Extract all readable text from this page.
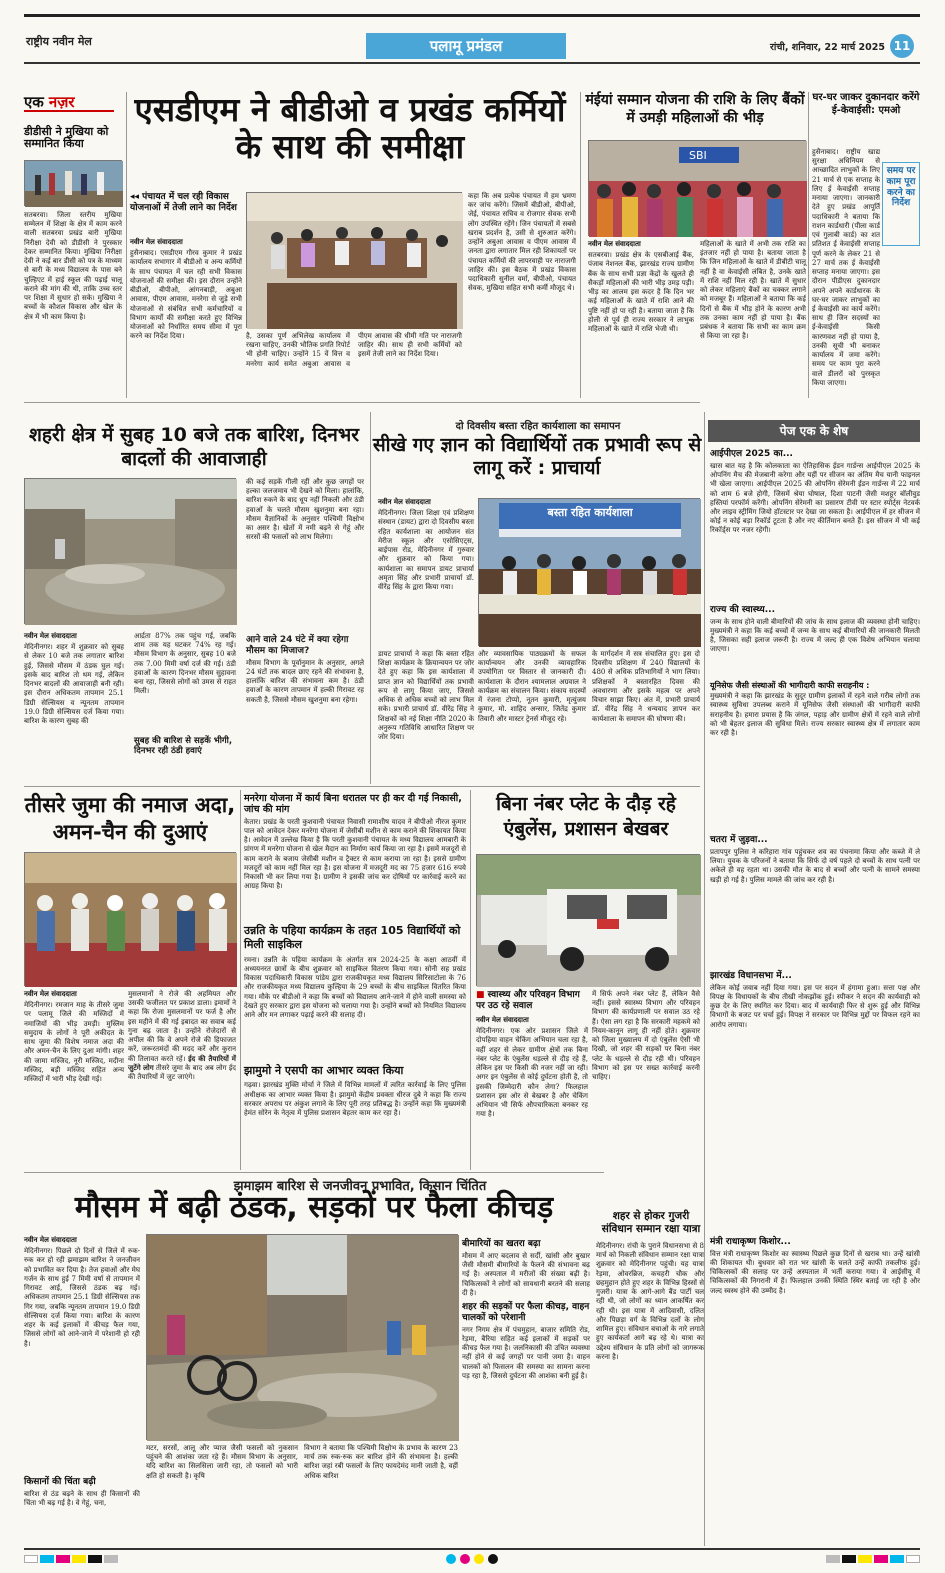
राष्ट्रीय नवीन मेल	पलामू प्रमंडल	रांची, शनिवार, 22 मार्च 2025 11
एक नज़र
डीडीसी ने मुखिया को सम्मानित किया
सतबरवा। जिला स्तरीय मुखिया सम्मेलन में शिक्षा के क्षेत्र में काम करने वाली सतबरवा प्रखंड बारी मुखिया निरीक्षा देवी को डीडीसी ने पुरस्कार देकर सम्मानित किया। मुखिया निरीक्षा देवी ने कई बार डीसी को पत्र के माध्यम से बारी के मध्य विद्यालय के पास बने चुल्हिएट में हाई स्कूल की पढ़ाई चालू कराने की मांग की थी, ताकि उच्च स्तर पर शिक्षा में सुधार हो सके। मुखिया ने बच्चों के कौशल विकास और खेल के क्षेत्र में भी काम किया है।
एसडीएम ने बीडीओ व प्रखंड कर्मियों के साथ की समीक्षा
◂◂ पंचायत में चल रही विकास योजनाओं में तेजी लाने का निर्देश
नवीन मेल संवाददाता
हुसैनाबाद। एसडीएम गौरव कुमार ने प्रखंड कार्यालय सभागार में बीडीओ व अन्य कर्मियों के साथ पंचायत में चल रही सभी विकास योजनाओं की समीक्षा की। इस दौरान उन्होंने बीडीओ, बीपीओ, आंगनबाड़ी, अबुआ आवास, पीएम आवास, मनरेगा से जुड़े सभी योजनाओं से संबंधित सभी कर्मचारियों व विभाग कार्यों की समीक्षा करते हुए विभिन्न योजनाओं को निर्धारित समय सीमा में पूरा करने का निर्देश दिया।	है, उसका पूर्ण अभिलेख कार्यालय में रखना चाहिए, उनकी भौतिक प्रगति रिपोर्ट भी होनी चाहिए। उन्होंने 15 वें वित्त व मनरेगा कार्य समेत अबुआ आवास व पीएम आवास की धीमी गति पर नाराजगी जाहिर की। साथ ही सभी कर्मियों को इसमें तेजी लाने का निर्देश दिया।
कहा कि अब प्रत्येक पंचायत में हम भ्रमण कर जांच करेंगे। जिसमें बीडीओ, बीपीओ, जेई, पंचायत सचिव व रोजगार सेवक सभी लोग उपस्थित रहेंगे। जिन पंचायतों में सबसे खराब प्रदर्शन है, उसी से शुरुआत करेंगे। उन्होंने अबुआ आवास व पीएम आवास में जनता द्वारा लगातार मिल रही शिकायतों पर पंचायत कर्मियों की लापरवाही पर नाराजगी जाहिर की। इस बैठक में प्रखंड विकास पदाधिकारी सुनील वर्मा, बीपीओ, पंचायत सेवक, मुखिया सहित सभी कर्मी मौजूद थे।
मंईयां सम्मान योजना की राशि के लिए बैंकों में उमड़ी महिलाओं की भीड़
SBI
नवीन मेल संवाददाता
सतबरवा। प्रखंड क्षेत्र के एसबीआई बैंक, पंजाब नेशनल बैंक, झारखंड राज्य ग्रामीण बैंक के साथ सभी प्रज्ञा केंद्रों के खुलते ही सैकड़ों महिलाओं की भारी भीड़ उमड़ पड़ी। भीड़ का आलम इस कदर है कि दिन भर कई महिलाओं के खाते में राशि आने की पुष्टि नहीं हो पा रही है। बताया जाता है कि होली से पूर्व ही राज्य सरकार ने लाभुक महिलाओं के खाते में राशि भेजी थी।
महिलाओं के खाते में अभी तक राशि का इंतजार नहीं हो पाया है। बताया जाता है कि जिन महिलाओं के खाते में डीबीटी चालू नहीं है वा केवाईसी लंबित है, उनके खाते में राशि नहीं मिल रही है। खाते में सुधार को लेकर महिलाएं बैंकों का चक्कर लगाने को मजबूर हैं। महिलाओं ने बताया कि कई दिनों से बैंक में भीड़ होने के कारण अभी तक उनका काम नहीं हो पाया है। बैंक प्रबंधक ने बताया कि सभी का काम क्रम से किया जा रहा है।
घर-घर जाकर दुकानदार करेंगे ई-केवाईसी: एमओ
समय पर काम पूरा करने का निर्देश
हुसैनाबाद। राष्ट्रीय खाद्य सुरक्षा अधिनियम से आच्छादित लाभुकों के लिए 21 मार्च से एक सप्ताह के लिए ई केवाईसी सप्ताह मनाया जाएगा। जानकारी देते हुए प्रखंड आपूर्ति पदाधिकारी ने बताया कि राशन कार्डधारी (पीला कार्ड एवं गुलाबी कार्ड) का शत प्रतिशत ई केवाईसी सप्ताह पूर्ण करने के लेकर 21 से 27 मार्च तक ई केवाईसी सप्ताह मनाया जाएगा। इस दौरान पीडीएस दुकानदार अपने अपने कार्डधारक के घर-घर जाकर लाभुकों का ई केवाईसी का कार्य करेंगे। साथ ही जिन सदस्यों का ई-केवाईसी किसी कारणवश नहीं हो पाया है, उनकी सूची भी बनाकर कार्यालय में जमा करेंगे। समय पर काम पूरा करने वाले डीलरों को पुरस्कृत किया जाएगा।
शहरी क्षेत्र में सुबह 10 बजे तक बारिश, दिनभर बादलों की आवाजाही
की कई सड़कें गीली रहीं और कुछ जगहों पर हल्का जलजमाव भी देखने को मिला। हालांकि, बारिश रुकने के बाद धूप नहीं निकली और ठंडी हवाओं के चलते मौसम खुशनुमा बना रहा। मौसम वैज्ञानिकों के अनुसार पश्चिमी विक्षोभ का असर है। खेतों में नमी बढ़ने से गेहूं और सरसों की फसलों को लाभ मिलेगा।
नवीन मेल संवाददाता
मेदिनीनगर। शहर में शुक्रवार को सुबह से लेकर 10 बजे तक लगातार बारिश हुई, जिससे मौसम में ठंडक घुल गई। इसके बाद बारिश तो थम गई, लेकिन दिनभर बादलों की आवाजाही बनी रही। इस दौरान अधिकतम तापमान 25.1 डिग्री सेल्सियस व न्यूनतम तापमान 19.0 डिग्री सेल्सियस दर्ज किया गया। बारिश के कारण सुबह की
आर्द्रता 87% तक पहुंच गई, जबकि शाम तक यह घटकर 74% रह गई। मौसम विभाग के अनुसार, सुबह 10 बजे तक 7.00 मिमी वर्षा दर्ज की गई। ठंडी हवाओं के कारण दिनभर मौसम सुहावना बना रहा, जिससे लोगों को उमस से राहत मिली।
आने वाले 24 घंटे में क्या रहेगा मौसम का मिजाज?
मौसम विभाग के पूर्वानुमान के अनुसार, अगले 24 घंटों तक बादल छाए रहने की संभावना है, हालांकि बारिश की संभावना कम है। ठंडी हवाओं के कारण तापमान में हल्की गिरावट रह सकती है, जिससे मौसम खुशनुमा बना रहेगा।
सुबह की बारिश से सड़कें भीगी, दिनभर रही ठंडी हवाएं
दो दिवसीय बस्ता रहित कार्यशाला का समापन
सीखे गए ज्ञान को विद्यार्थियों तक प्रभावी रूप से लागू करें : प्राचार्या
नवीन मेल संवाददाता
मेदिनीनगर। जिला शिक्षा एवं प्रशिक्षण संस्थान (डायट) द्वारा दो दिवसीय बस्ता रहित कार्यशाला का आयोजन संत मेरीज स्कूल और एसोसिएट्स, बाईपास रोड, मेदिनीनगर में गुरुवार और शुक्रवार को किया गया। कार्यशाला का समापन डायट प्राचार्या अमृता सिंह और प्रभारी प्राचार्या डॉ. वीरेंद्र सिंह के द्वारा किया गया।
बस्ता रहित कार्यशाला
डायट प्राचार्या ने कहा कि बस्ता रहित शिक्षा कार्यक्रम के क्रियान्वयन पर जोर देते हुए कहा कि इस कार्यशाला में प्राप्त ज्ञान को विद्यार्थियों तक प्रभावी रूप से लागू किया जाए, जिससे अधिक से अधिक बच्चों को लाभ मिल सके। प्रभारी प्राचार्य डॉ. वीरेंद्र सिंह ने शिक्षकों को नई शिक्षा नीति 2020 के अनुरूप गतिविधि आधारित शिक्षण पर जोर दिया।
और व्यावसायिक पाठ्यक्रमों के सफल कार्यान्वयन और उनकी व्यावहारिक उपयोगिता पर विस्तार से जानकारी दी। कार्यशाला के दौरान श्यामलाल अग्रवाल ने कार्यक्रम का संचालन किया। संकाय सदस्यों में रंजना टोप्पो, नूतन कुमारी, मृत्युंजय कुमार, मो. शाहिद अन्सार, जितेंद्र कुमार तिवारी और मास्टर ट्रेनर्स मौजूद रहे।
के मार्गदर्शन में सत्र संचालित हुए। इस दो दिवसीय प्रशिक्षण में 240 विद्यालयों के 480 से अधिक प्रतिभागियों ने भाग लिया। प्रशिक्षकों ने बस्तारहित दिवस की अवधारणा और इसके महत्व पर अपने विचार साझा किए। अंत में, प्रभारी प्राचार्य डॉ. वीरेंद्र सिंह ने धन्यवाद ज्ञापन कर कार्यशाला के समापन की घोषणा की।
तीसरे जुमा की नमाज अदा, अमन-चैन की दुआएं
नवीन मेल संवाददाता
मेदिनीनगर। रमजान माह के तीसरे जुमा पर पलामू जिले की मस्जिदों में नमाजियों की भीड़ उमड़ी। मुस्लिम समुदाय के लोगों ने पूरी अकीदत के साथ जुमा की विशेष नमाज अदा की और अमन-चैन के लिए दुआ मांगी। शहर की जामा मस्जिद, नूरी मस्जिद, मदीना मस्जिद, बड़ी मस्जिद सहित अन्य मस्जिदों में भारी भीड़ देखी गई।
मुसलमानों ने रोजे की अहमियत और उसकी फजीलत पर प्रकाश डाला। इमामों ने कहा कि रोजा मुसलमानों पर फर्ज है और इस महीने में की गई इबादत का सवाब कई गुना बढ़ जाता है। उन्होंने रोजेदारों से अपील की कि वे अपने रोजे की हिफाजत करें, जरूरतमंदों की मदद करें और कुरान की तिलावत करते रहें। ईद की तैयारियों में जुटेंगे लोग तीसरे जुमा के बाद अब लोग ईद की तैयारियों में जुट जाएंगे।
मनरेगा योजना में कार्य बिना धरातल पर ही कर दी गई निकासी, जांच की मांग
केतार। प्रखंड के परती कुशवानी पंचायत निवासी रामाशीष यादव ने बीपीओ नीरज कुमार पाल को आवेदन देकर मनरेगा योजना में जेसीबी मशीन से काम कराने की शिकायत किया है। आवेदन में उल्लेख किया है कि परती कुशवानी पंचायत के मध्य विद्यालय आमबारी के प्रांगण में मनरेगा योजना से खेल मैदान का निर्माण कार्य किया जा रहा है। इसमें मजदूरों से काम कराने के बजाय जेसीबी मशीन व ट्रैक्टर से काम कराया जा रहा है। इससे ग्रामीण मजदूरों को काम नहीं मिल रहा है। इस योजना में मजदूरी मद का 75 हजार 616 रुपये निकासी भी कर लिया गया है। ग्रामीण ने इसकी जांच कर दोषियों पर कार्रवाई करने का आग्रह किया है।
उन्नति के पहिया कार्यक्रम के तहत 105 विद्यार्थियों को मिली साइकिल
रमना। उन्नति के पहिया कार्यक्रम के अंतर्गत सत्र 2024-25 के कक्षा आठवीं में अध्ययनरत छात्रों के बीच शुक्रवार को साइकिल वितरण किया गया। सोनी सह प्रखंड विकास पदाधिकारी विकास पांडेय द्वारा राजकीयकृत मध्य विद्यालय सिरिसाटोला के 76 और राजकीयकृत मध्य विद्यालय कुल्हिया के 29 बच्चों के बीच साइकिल वितरित किया गया। मौके पर बीडीओ ने कहा कि बच्चों को विद्यालय आने-जाने में होने वाली समस्या को देखते हुए सरकार द्वारा इस योजना को चलाया गया है। उन्होंने बच्चों को नियमित विद्यालय आने और मन लगाकर पढ़ाई करने की सलाह दी।
झामुमो ने एसपी का आभार व्यक्त किया
गढ़वा। झारखंड मुक्ति मोर्चा ने जिले में विभिन्न मामलों में त्वरित कार्रवाई के लिए पुलिस अधीक्षक का आभार व्यक्त किया है। झामुमो केंद्रीय प्रवक्ता धीरज दुबे ने कहा कि राज्य सरकार अपराध पर अंकुश लगाने के लिए पूरी तरह प्रतिबद्ध है। उन्होंने कहा कि मुख्यमंत्री हेमंत सोरेन के नेतृत्व में पुलिस प्रशासन बेहतर काम कर रहा है।
बिना नंबर प्लेट के दौड़ रहे एंबुलेंस, प्रशासन बेखबर
■ स्वास्थ्य और परिवहन विभाग पर उठ रहे सवाल
नवीन मेल संवाददाता
मेदिनीनगर। एक ओर प्रशासन जिले में दोपहिया वाहन चेकिंग अभियान चला रहा है, वहीं शहर से लेकर ग्रामीण क्षेत्रों तक बिना नंबर प्लेट के एंबुलेंस धड़ल्ले से दौड़ रहे हैं, लेकिन इस पर किसी की नजर नहीं जा रही। अगर इन एंबुलेंस से कोई दुर्घटना होती है, तो इसकी जिम्मेदारी कौन लेगा? फिलहाल प्रशासन इस ओर से बेखबर है और चेकिंग अभियान भी सिर्फ औपचारिकता बनकर रह गया है।
में सिर्फ अपने नंबर प्लेट हैं, लेकिन वैसे नहीं। इससे स्वास्थ्य विभाग और परिवहन विभाग की कार्यप्रणाली पर सवाल उठ रहे हैं। ऐसा लग रहा है कि सरकारी महकमे को नियम-कानून लागू ही नहीं होते। शुक्रवार को जिला मुख्यालय में दो एंबुलेंस ऐसी भी दिखी, जो शहर की सड़कों पर बिना नंबर प्लेट के धड़ल्ले से दौड़ रही थी। परिवहन विभाग को इस पर सख्त कार्रवाई करनी चाहिए।
झमाझम बारिश से जनजीवन प्रभावित, किसान चिंतित
मौसम में बढ़ी ठंडक, सड़कों पर फैला कीचड़
नवीन मेल संवाददाता
मेदिनीनगर। पिछले दो दिनों से जिले में रुक-रुक कर हो रही झमाझम बारिश ने जनजीवन को प्रभावित कर दिया है। तेज हवाओं और मेघ गर्जन के साथ हुई 7 मिमी वर्षा से तापमान में गिरावट आई, जिससे ठंडक बढ़ गई। अधिकतम तापमान 25.1 डिग्री सेल्सियस तक गिर गया, जबकि न्यूनतम तापमान 19.0 डिग्री सेल्सियस दर्ज किया गया। बारिश के कारण शहर के कई इलाकों में कीचड़ फैल गया, जिससे लोगों को आने-जाने में परेशानी हो रही है।
किसानों की चिंता बढ़ी
बारिश से ठंड बढ़ने के साथ ही किसानों की चिंता भी बढ़ गई है। वे गेहूं, चना,
मटर, सरसों, आलू और प्याज जैसी फसलों को नुकसान पहुंचने की आशंका जता रहे हैं। मौसम विभाग के अनुसार, यदि बारिश का सिलसिला जारी रहा, तो फसलों को भारी क्षति हो सकती है। कृषि
विभाग ने बताया कि पश्चिमी विक्षोभ के प्रभाव के कारण 23 मार्च तक रुक-रुक कर बारिश होने की संभावना है। हल्की बारिश जहां रबी फसलों के लिए फायदेमंद मानी जाती है, वहीं अधिक बारिश
बीमारियों का खतरा बढ़ा
मौसम में आए बदलाव से सर्दी, खांसी और बुखार जैसी मौसमी बीमारियों के फैलने की संभावना बढ़ गई है। अस्पताल में मरीजों की संख्या बढ़ी है। चिकित्सकों ने लोगों को सावधानी बरतने की सलाह दी है।
शहर की सड़कों पर फैला कीचड़, वाहन चालकों को परेशानी
नगर निगम क्षेत्र में पंचमुहान, बाजार समिति रोड, रेड़मा, बैरिया सहित कई इलाकों में सड़कों पर कीचड़ फैल गया है। जलनिकासी की उचित व्यवस्था नहीं होने से कई जगहों पर पानी जमा है। वाहन चालकों को फिसलन की समस्या का सामना करना पड़ रहा है, जिससे दुर्घटना की आशंका बनी हुई है।
शहर से होकर गुजरी संविधान सम्मान रक्षा यात्रा
मेदिनीनगर। रांची के पुराने विधानसभा से 8 मार्च को निकली संविधान सम्मान रक्षा यात्रा शुक्रवार को मेदिनीनगर पहुंची। यह यात्रा रेड़मा, ओवरब्रिज, कचहरी चौक और छहमुहान होते हुए शहर के विभिन्न हिस्सों से गुजरी। यात्रा के आगे-आगे बैंड पार्टी चल रही थी, जो लोगों का ध्यान आकर्षित कर रही थी। इस यात्रा में आदिवासी, दलित और पिछड़ा वर्ग के विभिन्न दलों के लोग शामिल हुए। संविधान बचाओ के नारे लगाते हुए कार्यकर्ता आगे बढ़ रहे थे। यात्रा का उद्देश्य संविधान के प्रति लोगों को जागरूक करना है।
पेज एक के शेष
आईपीएल 2025 का...
खास बात यह है कि कोलकाता का ऐतिहासिक ईडन गार्डन्स आईपीएल 2025 के ओपनिंग मैच की मेजबानी करेगा और यहीं पर सीजन का अंतिम मैच यानी फाइनल भी खेला जाएगा। आईपीएल 2025 की ओपनिंग सेरेमनी ईडन गार्डन्स में 22 मार्च को शाम 6 बजे होगी, जिसमें श्रेया घोषाल, दिशा पाटनी जैसी मशहूर बॉलीवुड हस्तियां परफॉर्म करेंगी। ओपनिंग सेरेमनी का प्रसारण टीवी पर स्टार स्पोर्ट्स नेटवर्क और लाइव स्ट्रीमिंग जियो हॉटस्टार पर देखा जा सकता है। आईपीएल में हर सीजन में कोई न कोई बड़ा रिकॉर्ड टूटता है और नए कीर्तिमान बनते हैं। इस सीजन में भी कई रिकॉर्ड्स पर नजर रहेगी।
राज्य की स्वास्थ्य...
जन्म के साथ होने वाली बीमारियों की जांच के साथ इलाज की व्यवस्था होनी चाहिए। मुख्यमंत्री ने कहा कि कई बच्चों में जन्म के साथ कई बीमारियों की जानकारी मिलती है, जिसका सही इलाज जरूरी है। राज्य में जल्द ही एक विशेष अभियान चलाया जाएगा।
यूनिसेफ जैसी संस्थाओं की भागीदारी काफी सराहनीय :
मुख्यमंत्री ने कहा कि झारखंड के सुदूर ग्रामीण इलाकों में रहने वाले गरीब लोगों तक स्वास्थ्य सुविधा उपलब्ध कराने में यूनिसेफ जैसी संस्थाओं की भागीदारी काफी सराहनीय है। हमारा प्रयास है कि जंगल, पहाड़ और ग्रामीण क्षेत्रों में रहने वाले लोगों को भी बेहतर इलाज की सुविधा मिले। राज्य सरकार स्वास्थ्य क्षेत्र में लगातार काम कर रही है।
चतरा में जुड़वा...
प्रतापपुर पुलिस ने करिहारा गांव पहुंचकर शव का पंचनामा किया और कब्जे में ले लिया। युवक के परिजनों ने बताया कि सिर्फ दो वर्ष पहले दो बच्चों के साथ पत्नी पर अकेले ही वह रहता था। उसकी मौत के बाद से बच्चों और पत्नी के सामने समस्या खड़ी हो गई है। पुलिस मामले की जांच कर रही है।
झारखंड विधानसभा में...
लेकिन कोई जवाब नहीं दिया गया। इस पर सदन में हंगामा हुआ। सत्ता पक्ष और विपक्ष के विधायकों के बीच तीखी नोकझोंक हुई। स्पीकर ने सदन की कार्यवाही को कुछ देर के लिए स्थगित कर दिया। बाद में कार्यवाही फिर से शुरू हुई और विभिन्न विभागों के बजट पर चर्चा हुई। विपक्ष ने सरकार पर विभिन्न मुद्दों पर विफल रहने का आरोप लगाया।
मंत्री राधाकृष्ण किशोर...
वित्त मंत्री राधाकृष्ण किशोर का स्वास्थ्य पिछले कुछ दिनों से खराब था। उन्हें खांसी की शिकायत थी। बुधवार को रात भर खांसी के चलते उन्हें काफी तकलीफ हुई। चिकित्सकों की सलाह पर उन्हें अस्पताल में भर्ती कराया गया। वे आईसीयू में चिकित्सकों की निगरानी में हैं। फिलहाल उनकी स्थिति स्थिर बताई जा रही है और जल्द स्वस्थ होने की उम्मीद है।
